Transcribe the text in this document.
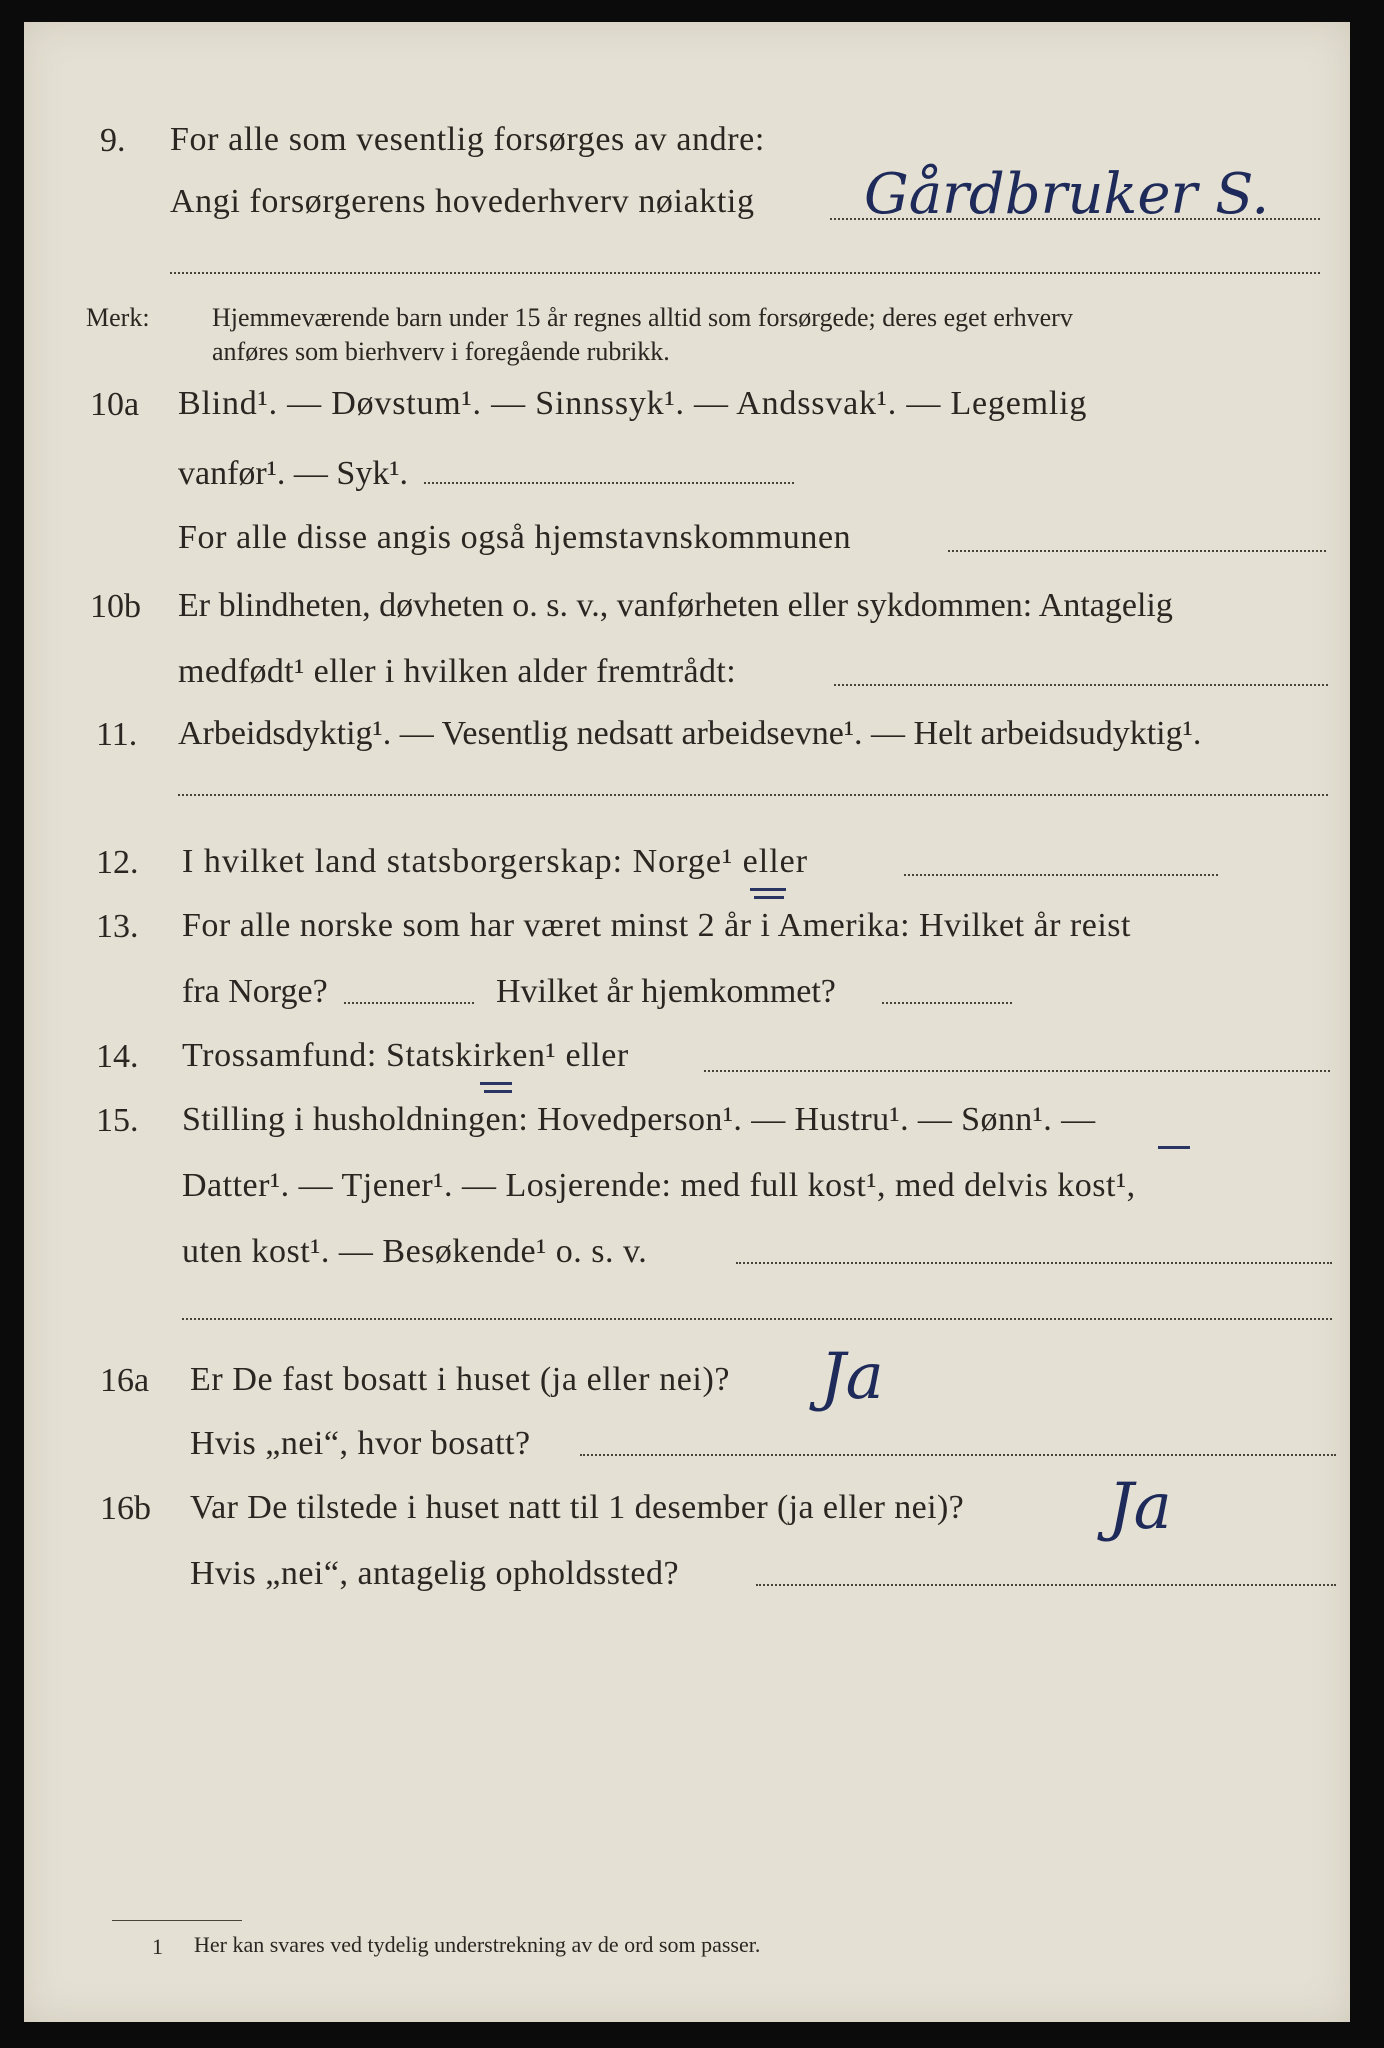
9. For alle som vesentlig forsørges av andre:
Gårdbruker S.
Angi forsørgerens hovederhverv nøiaktig
Merk: Hjemmeværende barn under 15 år regnes alltid som forsørgede; deres eget erhverv
anføres som bierhverv i foregående rubrikk.
10a Blind¹. — Døvstum¹. — Sinnssyk¹. — Andssvak¹. — Legemlig
vanfør¹. — Syk¹.
For alle disse angis også hjemstavnskommunen
10b Er blindheten, døvheten o. s. v., vanførheten eller sykdommen: Antagelig
medfødt¹ eller i hvilken alder fremtrådt:
11. Arbeidsdyktig¹. — Vesentlig nedsatt arbeidsevne¹. — Helt arbeidsudyktig¹.
12. I hvilket land statsborgerskap: Norge¹ eller
13. For alle norske som har været minst 2 år i Amerika: Hvilket år reist
fra Norge?	Hvilket år hjemkommet?
14. Trossamfund: Statskirken¹ eller
15. Stilling i husholdningen: Hovedperson¹. — Hustru¹. — Sønn¹. —
Datter¹. — Tjener¹. — Losjerende: med full kost¹, med delvis kost¹,
uten kost¹. — Besøkende¹ o. s. v.
16a Er De fast bosatt i huset (ja eller nei)? Ja
Hvis „nei“, hvor bosatt?
16b Var De tilstede i huset natt til 1 desember (ja eller nei)? Ja
Hvis „nei“, antagelig opholdssted?
1 Her kan svares ved tydelig understrekning av de ord som passer.
